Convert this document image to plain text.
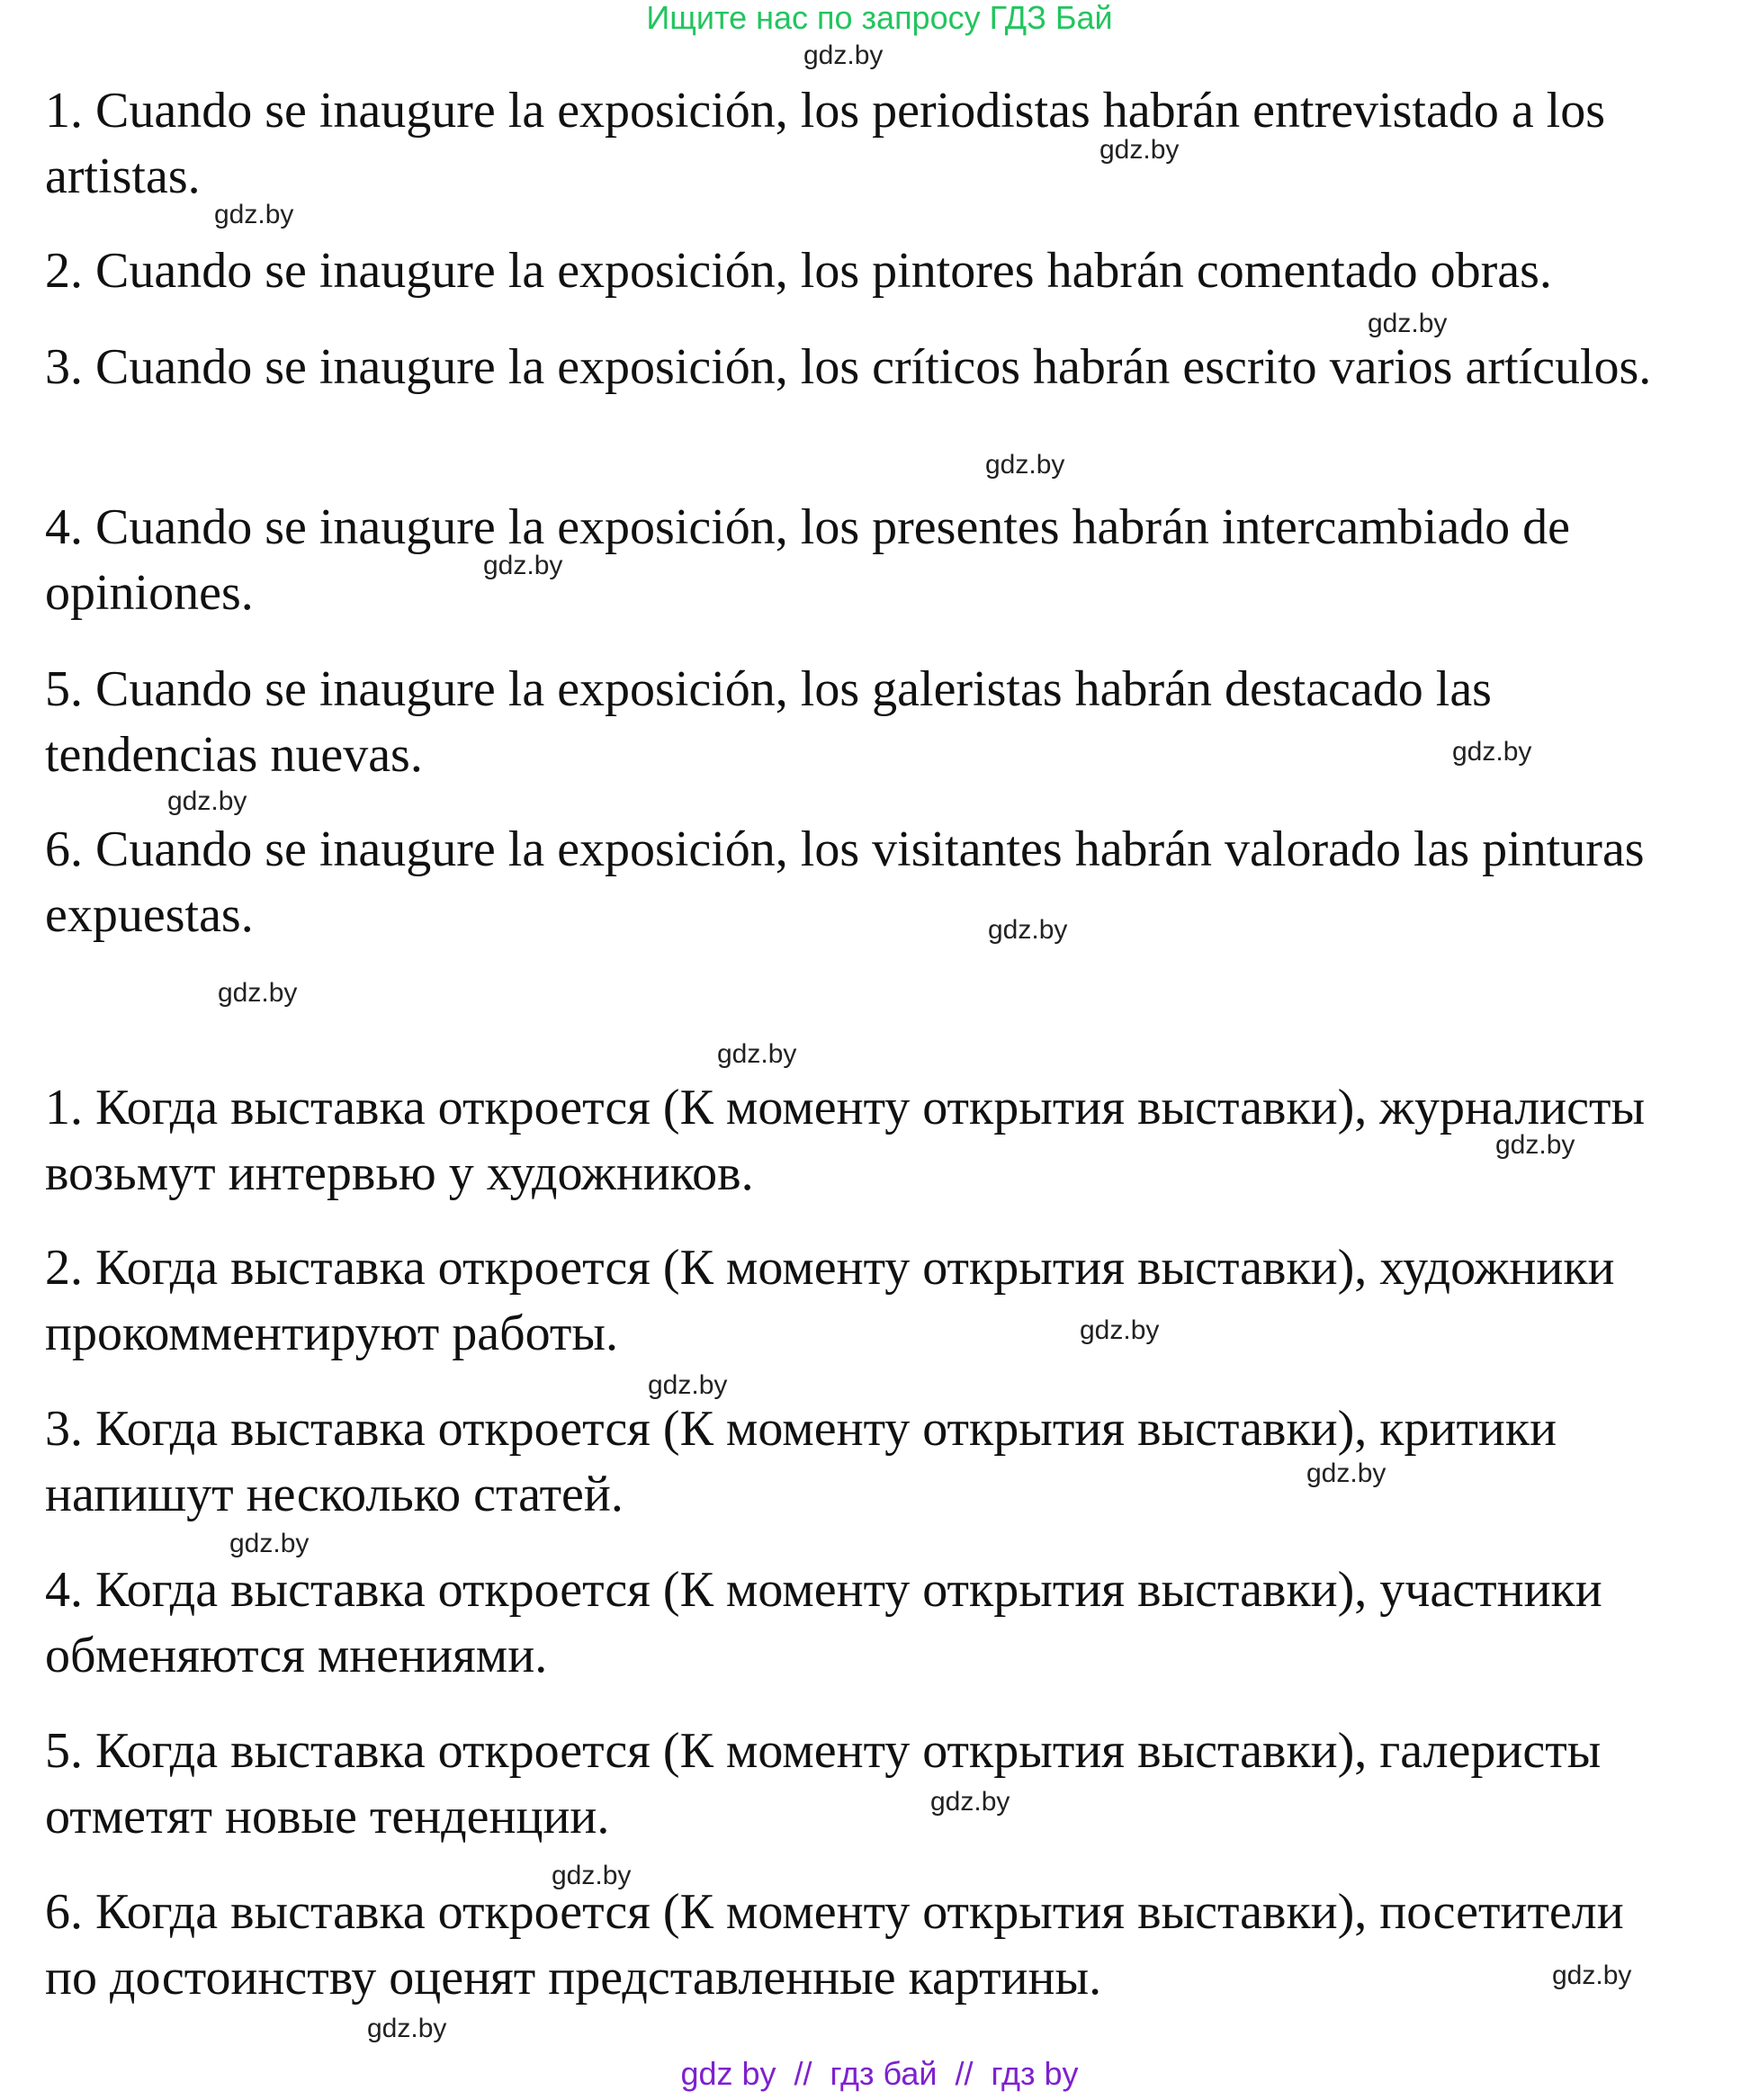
Ищите нас по запросу ГДЗ Бай

1. Cuando se inaugure la exposición, los periodistas habrán entrevistado a los artistas.

2. Cuando se inaugure la exposición, los pintores habrán comentado obras.

3. Cuando se inaugure la exposición, los críticos habrán escrito varios artículos.

4. Cuando se inaugure la exposición, los presentes habrán intercambiado de opiniones.

5. Cuando se inaugure la exposición, los galeristas habrán destacado las tendencias nuevas.

6. Cuando se inaugure la exposición, los visitantes habrán valorado las pinturas expuestas.

1. Когда выставка откроется (К моменту открытия выставки), журналисты возьмут интервью у художников.

2. Когда выставка откроется (К моменту открытия выставки), художники прокомментируют работы.

3. Когда выставка откроется (К моменту открытия выставки), критики напишут несколько статей.

4. Когда выставка откроется (К моменту открытия выставки), участники обменяются мнениями.

5. Когда выставка откроется (К моменту открытия выставки), галеристы отметят новые тенденции.

6. Когда выставка откроется (К моменту открытия выставки), посетители по достоинству оценят представленные картины.

gdz.by
gdz.by
gdz.by
gdz.by
gdz.by
gdz.by
gdz.by
gdz.by
gdz.by
gdz.by
gdz.by
gdz.by
gdz.by
gdz.by
gdz.by
gdz.by
gdz.by
gdz.by
gdz.by
gdz.by
gdz by  //  гдз бай  //  гдз by
